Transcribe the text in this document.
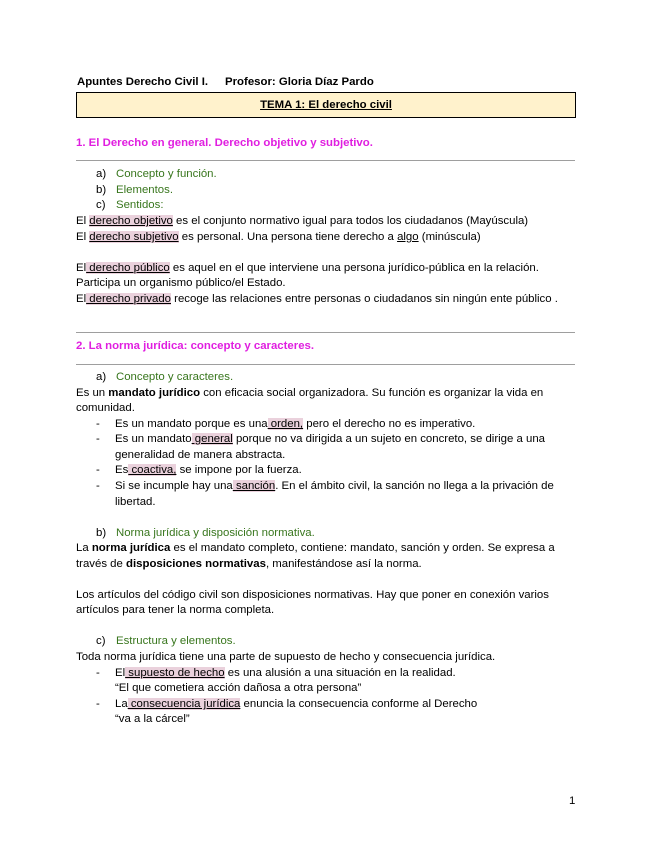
Apuntes Derecho Civil I. Profesor: Gloria Díaz Pardo
TEMA 1: El derecho civil
1. El Derecho en general. Derecho objetivo y subjetivo.
a) Concepto y función.
b) Elementos.
c) Sentidos:
El derecho objetivo es el conjunto normativo igual para todos los ciudadanos (Mayúscula)
El derecho subjetivo es personal. Una persona tiene derecho a algo (minúscula)
El derecho público es aquel en el que interviene una persona jurídico-pública en la relación.
Participa un organismo público/el Estado.
El derecho privado recoge las relaciones entre personas o ciudadanos sin ningún ente público .
2. La norma jurídica: concepto y caracteres.
a) Concepto y caracteres.
Es un mandato jurídico con eficacia social organizadora. Su función es organizar la vida en
comunidad.
- Es un mandato porque es una orden, pero el derecho no es imperativo.
- Es un mandato general porque no va dirigida a un sujeto en concreto, se dirige a una
generalidad de manera abstracta.
- Es coactiva, se impone por la fuerza.
- Si se incumple hay una sanción. En el ámbito civil, la sanción no llega a la privación de
libertad.
b) Norma jurídica y disposición normativa.
La norma jurídica es el mandato completo, contiene: mandato, sanción y orden. Se expresa a
través de disposiciones normativas, manifestándose así la norma.
Los artículos del código civil son disposiciones normativas. Hay que poner en conexión varios
artículos para tener la norma completa.
c) Estructura y elementos.
Toda norma jurídica tiene una parte de supuesto de hecho y consecuencia jurídica.
- El supuesto de hecho es una alusión a una situación en la realidad.
“El que cometiera acción dañosa a otra persona”
- La consecuencia jurídica enuncia la consecuencia conforme al Derecho
“va a la cárcel”
1
